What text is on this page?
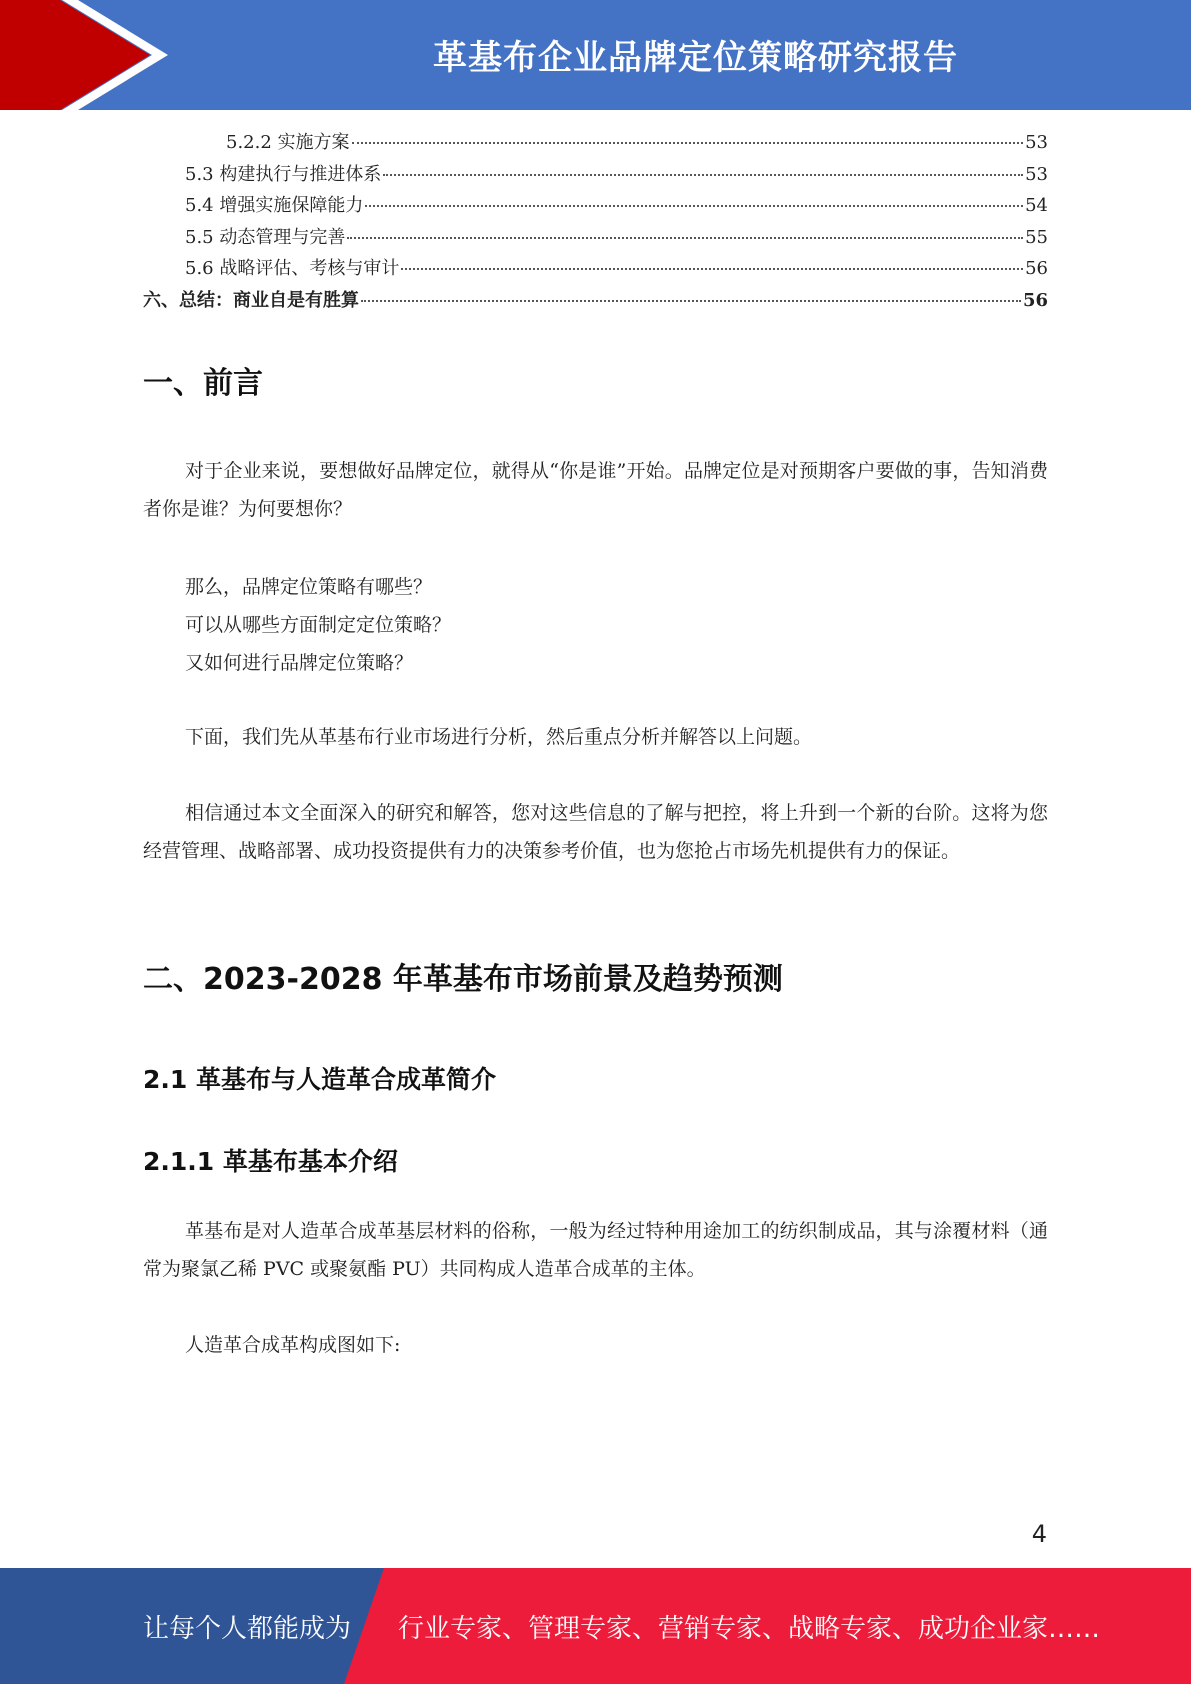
革基布企业品牌定位策略研究报告
5.2.2 实施方案	53
5.3 构建执行与推进体系	53
5.4 增强实施保障能力	54
5.5 动态管理与完善	55
5.6 战略评估、考核与审计	56
六、总结：商业自是有胜算	56
一、前言

对于企业来说，要想做好品牌定位，就得从“你是谁”开始。品牌定位是对预期客户要做的事，告知消费者你是谁？为何要想你？

那么，品牌定位策略有哪些？

可以从哪些方面制定定位策略？

又如何进行品牌定位策略？

下面，我们先从革基布行业市场进行分析，然后重点分析并解答以上问题。

相信通过本文全面深入的研究和解答，您对这些信息的了解与把控，将上升到一个新的台阶。这将为您经营管理、战略部署、成功投资提供有力的决策参考价值，也为您抢占市场先机提供有力的保证。

二、2023-2028 年革基布市场前景及趋势预测
2.1 革基布与人造革合成革简介
2.1.1 革基布基本介绍

革基布是对人造革合成革基层材料的俗称，一般为经过特种用途加工的纺织制成品，其与涂覆材料（通常为聚氯乙稀 PVC 或聚氨酯 PU）共同构成人造革合成革的主体。

人造革合成革构成图如下:

4
让每个人都能成为 行业专家、管理专家、营销专家、战略专家、成功企业家……
